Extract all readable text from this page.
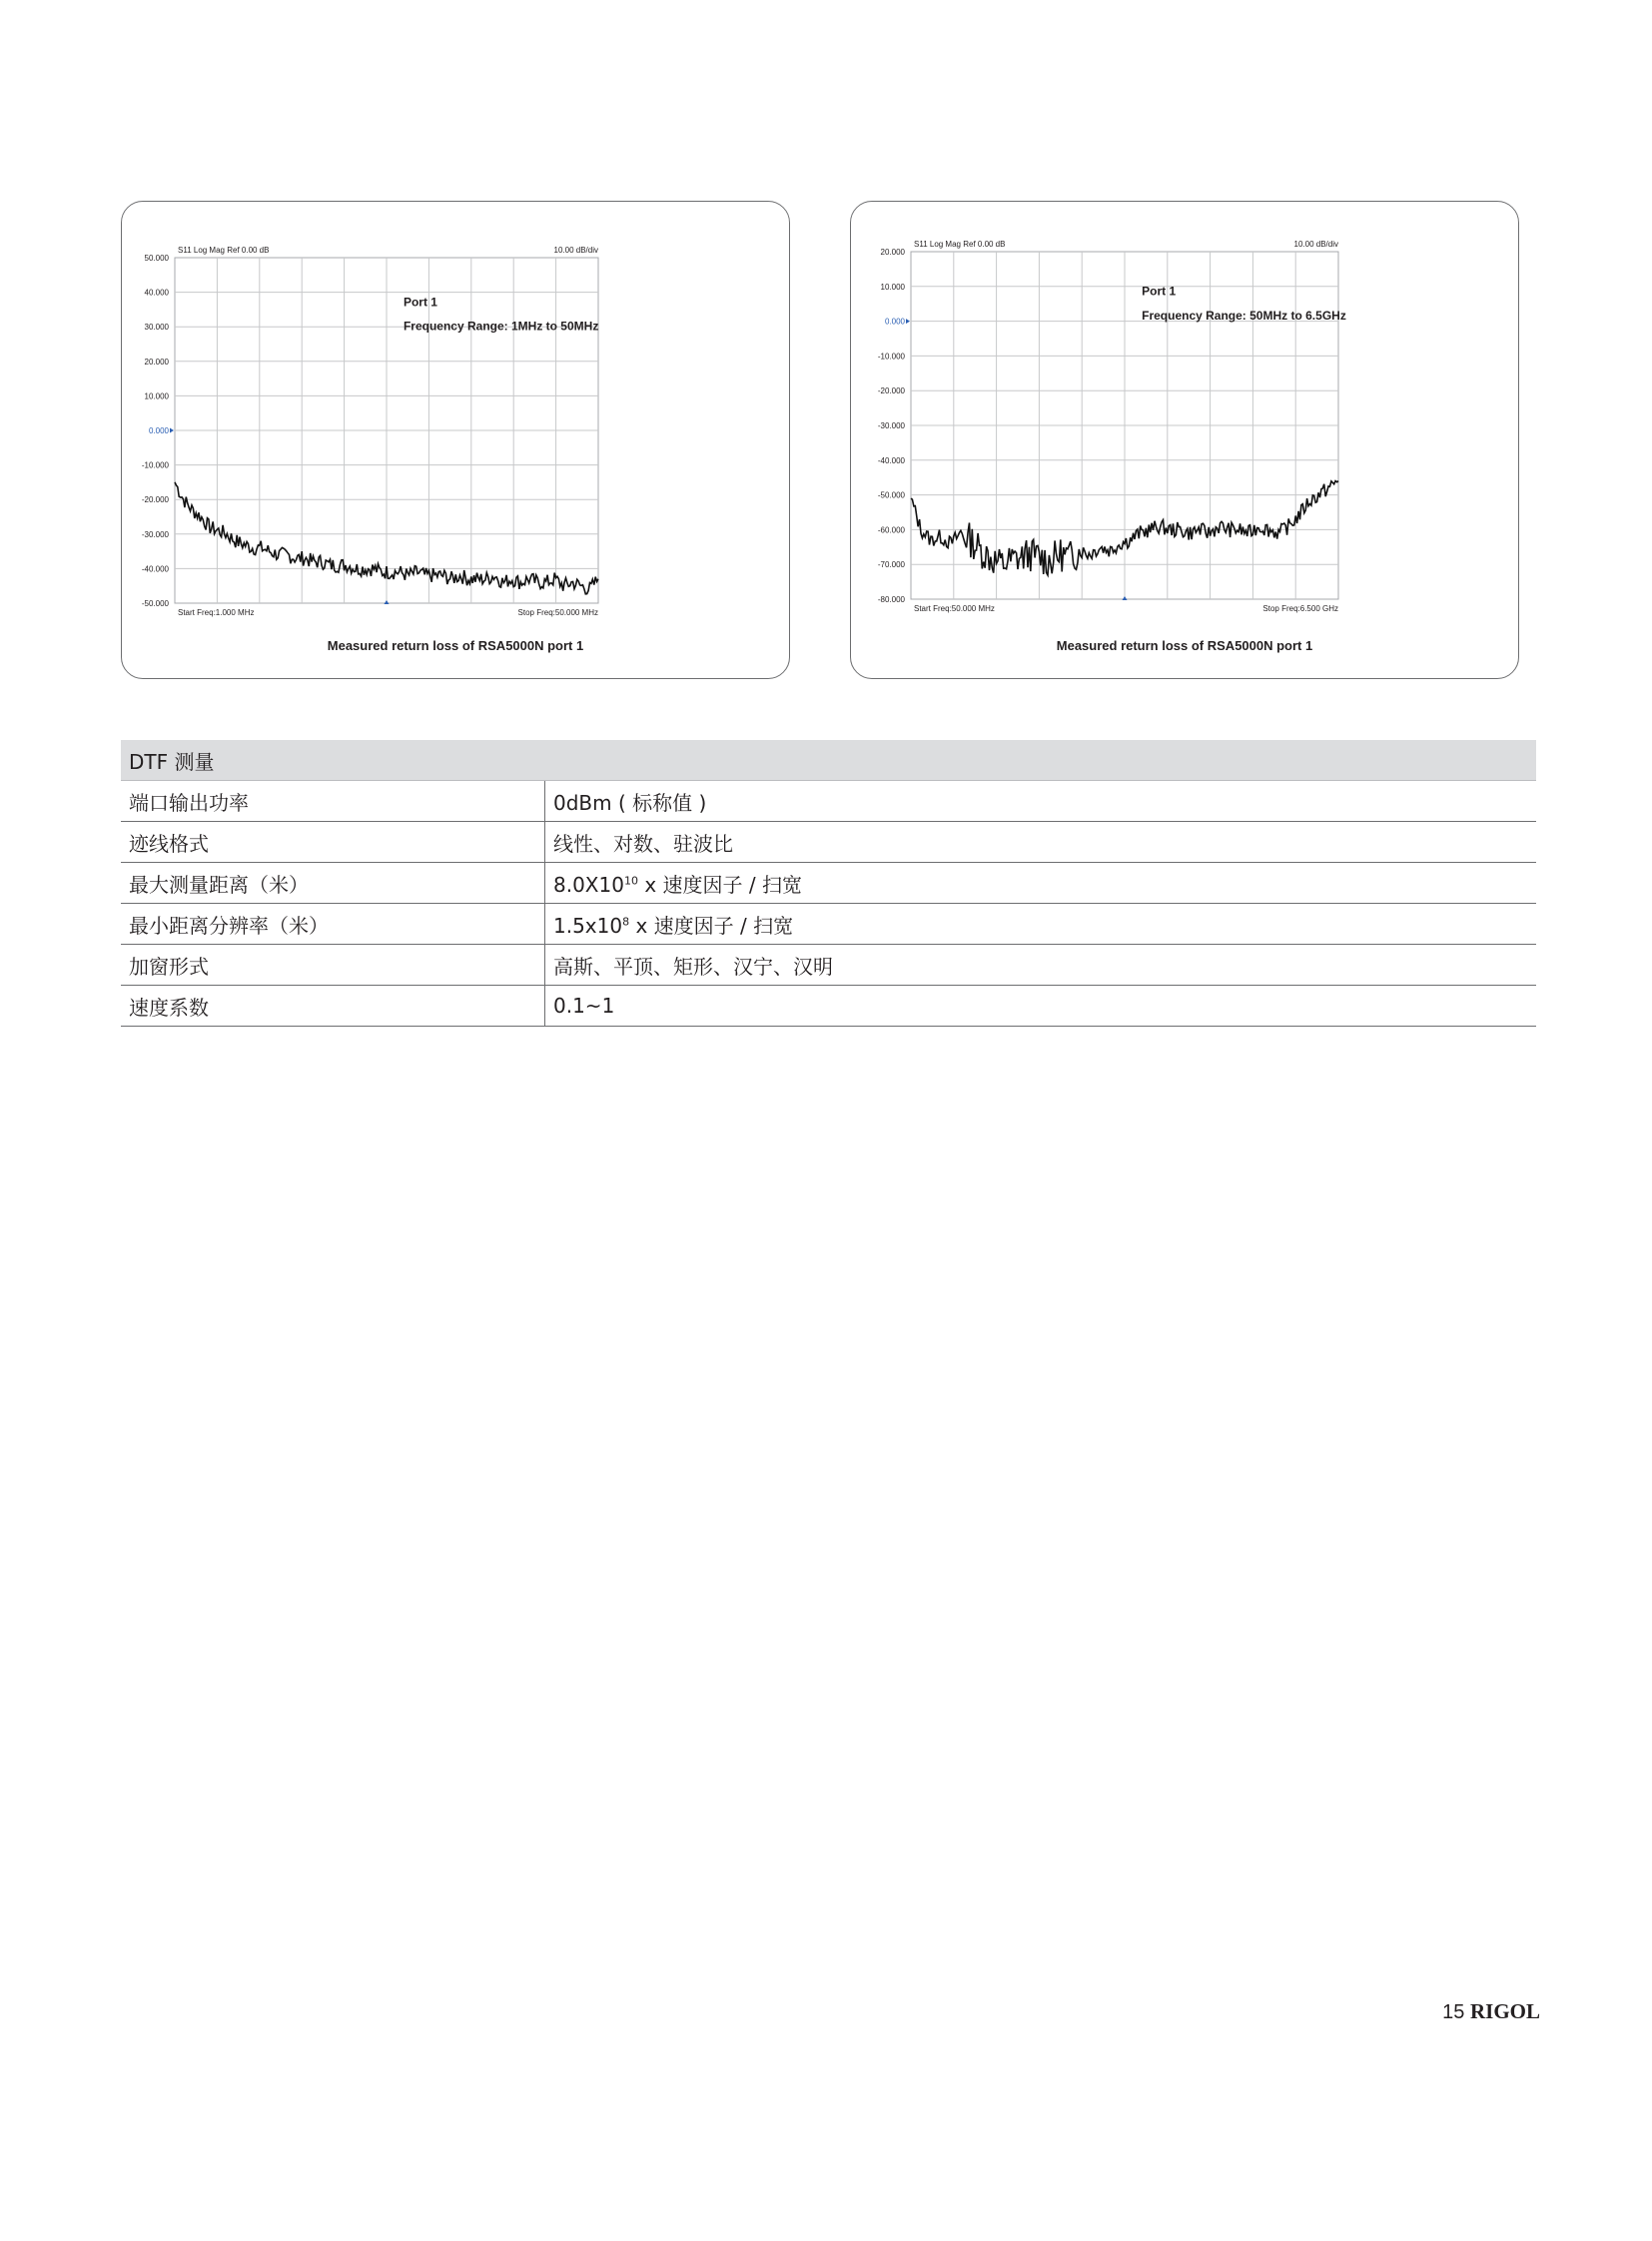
50.000
40.000
30.000
20.000
10.000
0.000
-10.000
-20.000
-30.000
-40.000
-50.000
S11 Log Mag Ref 0.00 dB	10.00 dB/div
Port 1
Frequency Range: 1MHz to 50MHz
Start Freq:1.000 MHz	Stop Freq:50.000 MHz
Measured return loss of RSA5000N port 1
20.000
10.000
0.000
-10.000
-20.000
-30.000
-40.000
-50.000
-60.000
-70.000
-80.000
S11 Log Mag Ref 0.00 dB	10.00 dB/div
Port 1
Frequency Range: 50MHz to 6.5GHz
Start Freq:50.000 MHz	Stop Freq:6.500 GHz
Measured return loss of RSA5000N port 1
DTF 测量	
端口输出功率	0dBm ( 标称值 )
迹线格式	线性、对数、驻波比
最大测量距离（米）	$8.0X10^{10}$ x 速度因子 / 扫宽
最小距离分辨率（米）	$1.5x10^8$ x 速度因子 / 扫宽
加窗形式	高斯、平顶、矩形、汉宁、汉明
速度系数	0.1~1
15 RIGOL
